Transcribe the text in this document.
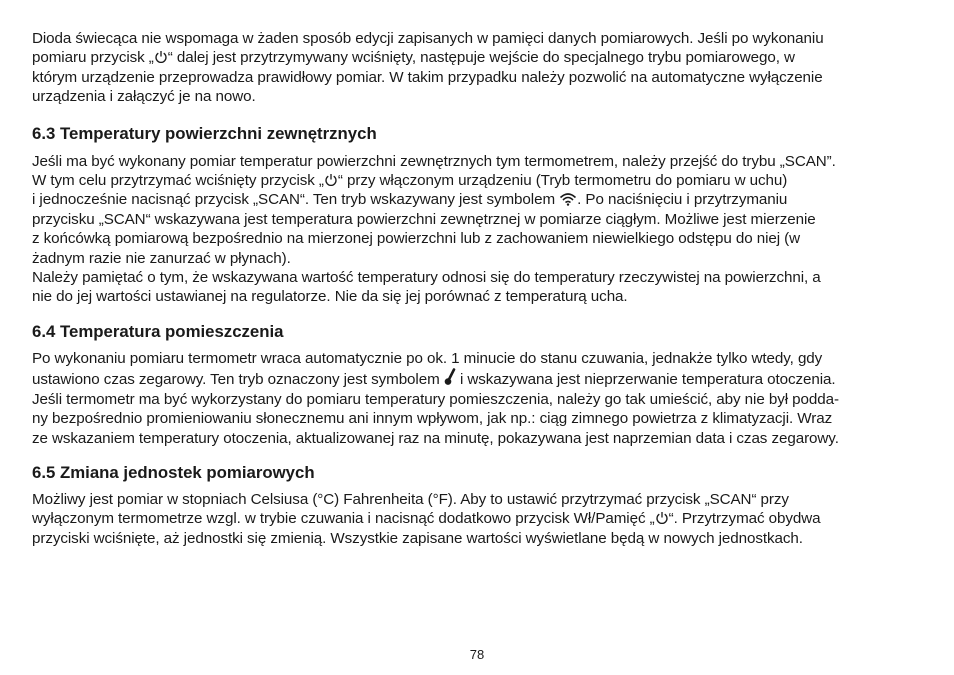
Dioda świecąca nie wspomaga w żaden sposób edycji zapisanych w pamięci danych pomiarowych. Jeśli po wykonaniu
pomiaru przycisk „ “ dalej jest przytrzymywany wciśnięty, następuje wejście do specjalnego trybu pomiarowego, w
którym urządzenie przeprowadza prawidłowy pomiar. W takim przypadku należy pozwolić na automatyczne wyłączenie
urządzenia i załączyć je na nowo.

6.3 Temperatury powierzchni zewnętrznych

Jeśli ma być wykonany pomiar temperatur powierzchni zewnętrznych tym termometrem, należy przejść do trybu „SCAN”.
W tym celu przytrzymać wciśnięty przycisk „ “ przy włączonym urządzeniu (Tryb termometru do pomiaru w uchu)
i jednocześnie nacisnąć przycisk „SCAN“. Ten tryb wskazywany jest symbolem
. Po naciśnięciu i przytrzymaniu
przycisku „SCAN“ wskazywana jest temperatura powierzchni zewnętrznej w pomiarze ciągłym. Możliwe jest mierzenie
z końcówką pomiarową bezpośrednio na mierzonej powierzchni lub z zachowaniem niewielkiego odstępu do niej (w
żadnym razie nie zanurzać w płynach).
Należy pamiętać o tym, że wskazywana wartość temperatury odnosi się do temperatury rzeczywistej na powierzchni, a
nie do jej wartości ustawianej na regulatorze. Nie da się jej porównać z temperaturą ucha.

6.4 Temperatura pomieszczenia

Po wykonaniu pomiaru termometr wraca automatycznie po ok. 1 minucie do stanu czuwania, jednakże tylko wtedy, gdy
ustawiono czas zegarowy. Ten tryb oznaczony jest symbolem
i wskazywana jest nieprzerwanie temperatura otoczenia.
Jeśli termometr ma być wykorzystany do pomiaru temperatury pomieszczenia, należy go tak umieścić, aby nie był podda-
ny bezpośrednio promieniowaniu słonecznemu ani innym wpływom, jak np.: ciąg zimnego powietrza z klimatyzacji. Wraz
ze wskazaniem temperatury otoczenia, aktualizowanej raz na minutę, pokazywana jest naprzemian data i czas zegarowy.

6.5 Zmiana jednostek pomiarowych

Możliwy jest pomiar w stopniach Celsiusa (°C) Fahrenheita (°F). Aby to ustawić przytrzymać przycisk „SCAN“ przy
wyłączonym termometrze wzgl. w trybie czuwania i nacisnąć dodatkowo przycisk Wł/Pamięć „ “. Przytrzymać obydwa
przyciski wciśnięte, aż jednostki się zmienią. Wszystkie zapisane wartości wyświetlane będą w nowych jednostkach.

78
